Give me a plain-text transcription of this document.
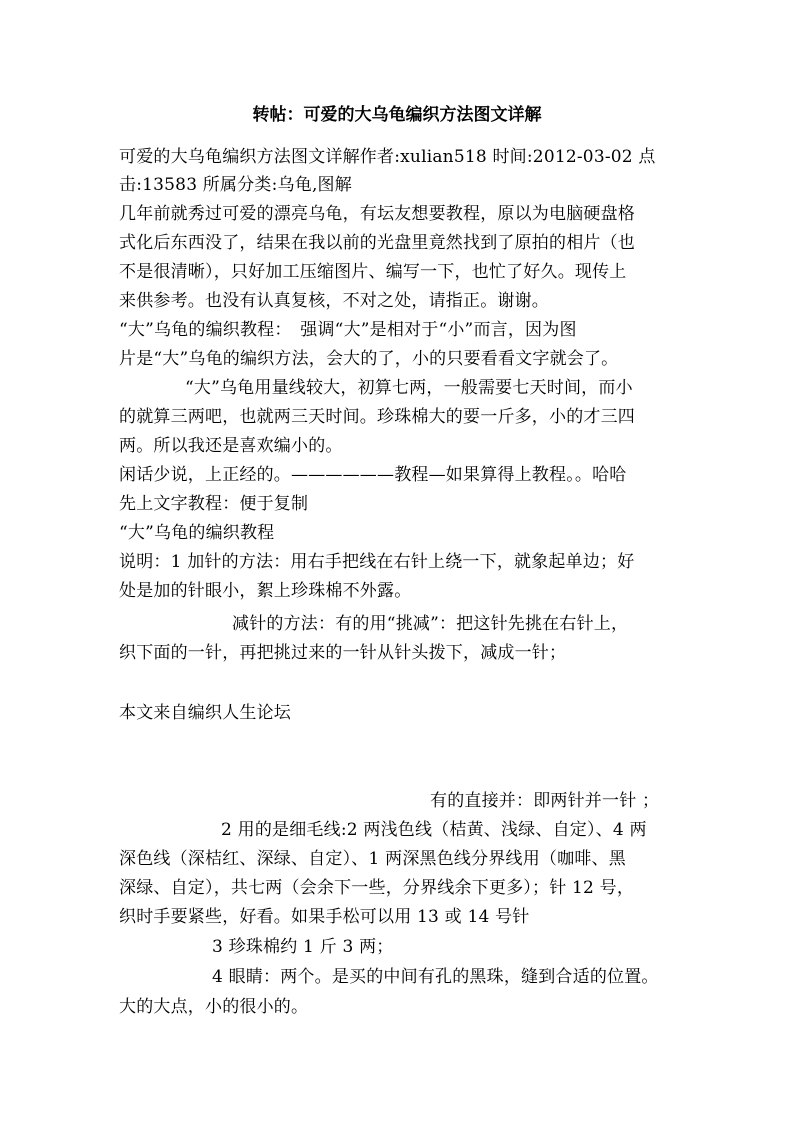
转帖：可爱的大乌龟编织方法图文详解
可爱的大乌龟编织方法图文详解作者:xulian518 时间:2012-03-02 点
击:13583 所属分类:乌龟,图解
几年前就秀过可爱的漂亮乌龟，有坛友想要教程，原以为电脑硬盘格
式化后东西没了，结果在我以前的光盘里竟然找到了原拍的相片（也
不是很清晰），只好加工压缩图片、编写一下，也忙了好久。现传上
来供参考。也没有认真复核，不对之处，请指正。谢谢。
“大”乌龟的编织教程：　强调“大”是相对于“小”而言，因为图
片是“大”乌龟的编织方法，会大的了，小的只要看看文字就会了。
“大”乌龟用量线较大，初算七两，一般需要七天时间，而小
的就算三两吧，也就两三天时间。珍珠棉大的要一斤多，小的才三四
两。所以我还是喜欢编小的。
闲话少说，上正经的。——————教程—如果算得上教程。。哈哈
先上文字教程：便于复制
“大”乌龟的编织教程
说明：1 加针的方法：用右手把线在右针上绕一下，就象起单边；好
处是加的针眼小，絮上珍珠棉不外露。
减针的方法：有的用“挑减”：把这针先挑在右针上，
织下面的一针，再把挑过来的一针从针头拨下，减成一针；
本文来自编织人生论坛
有的直接并：即两针并一针 ；
2 用的是细毛线:2 两浅色线（桔黄、浅绿、自定）、4 两
深色线（深桔红、深绿、自定）、1 两深黑色线分界线用（咖啡、黑
深绿、自定），共七两（会余下一些，分界线余下更多）；针 12 号，
织时手要紧些，好看。如果手松可以用 13 或 14 号针
3 珍珠棉约 1 斤 3 两；
4 眼睛：两个。是买的中间有孔的黑珠，缝到合适的位置。
大的大点，小的很小的。
